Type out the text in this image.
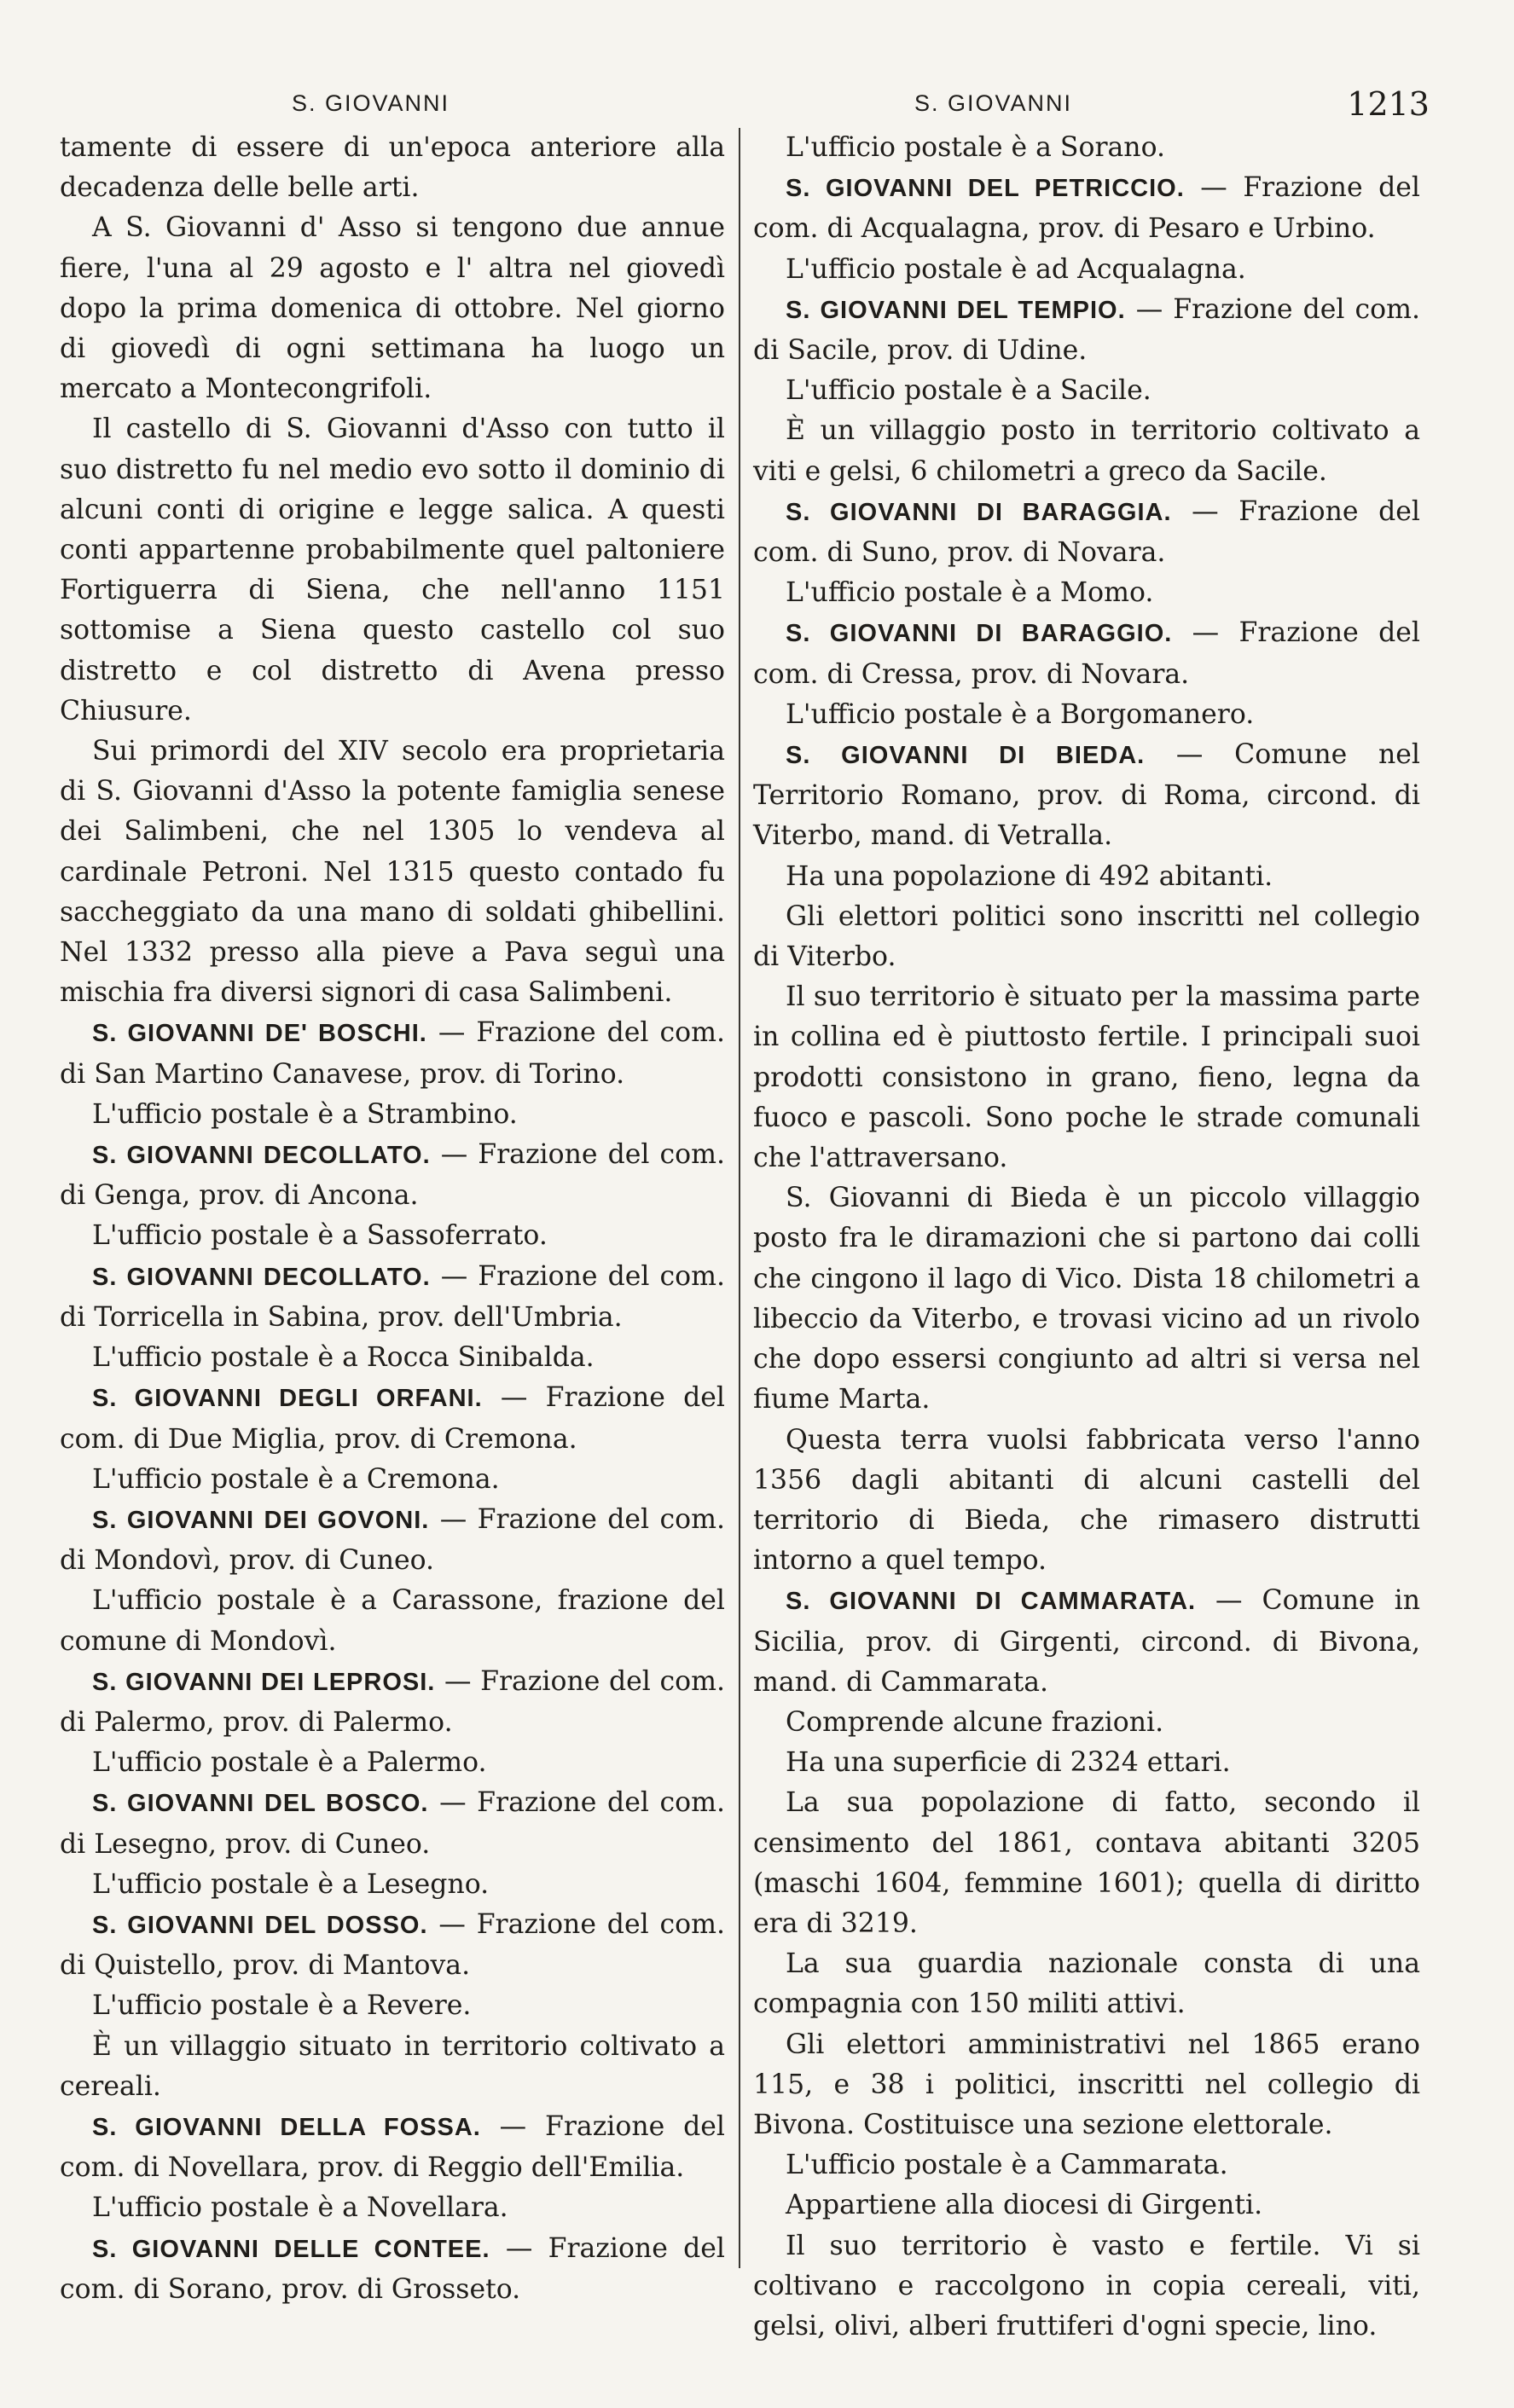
S. GIOVANNI	S. GIOVANNI	1213

tamente di essere di un'epoca anteriore alla decadenza delle belle arti.

A S. Giovanni d' Asso si tengono due annue fiere, l'una al 29 agosto e l' altra nel giovedì dopo la prima domenica di ottobre. Nel giorno di giovedì di ogni settimana ha luogo un mercato a Montecongrifoli.

Il castello di S. Giovanni d'Asso con tutto il suo distretto fu nel medio evo sotto il dominio di alcuni conti di origine e legge salica. A questi conti appartenne probabilmente quel paltoniere Fortiguerra di Siena, che nell'anno 1151 sottomise a Siena questo castello col suo distretto e col distretto di Avena presso Chiusure.

Sui primordi del XIV secolo era proprietaria di S. Giovanni d'Asso la potente famiglia senese dei Salimbeni, che nel 1305 lo vendeva al cardinale Petroni. Nel 1315 questo contado fu saccheggiato da una mano di soldati ghibellini. Nel 1332 presso alla pieve a Pava seguì una mischia fra diversi signori di casa Salimbeni.

S. GIOVANNI DE' BOSCHI. — Frazione del com. di San Martino Canavese, prov. di Torino.

L'ufficio postale è a Strambino.

S. GIOVANNI DECOLLATO. — Frazione del com. di Genga, prov. di Ancona.

L'ufficio postale è a Sassoferrato.

S. GIOVANNI DECOLLATO. — Frazione del com. di Torricella in Sabina, prov. dell'Umbria.

L'ufficio postale è a Rocca Sinibalda.

S. GIOVANNI DEGLI ORFANI. — Frazione del com. di Due Miglia, prov. di Cremona.

L'ufficio postale è a Cremona.

S. GIOVANNI DEI GOVONI. — Frazione del com. di Mondovì, prov. di Cuneo.

L'ufficio postale è a Carassone, frazione del comune di Mondovì.

S. GIOVANNI DEI LEPROSI. — Frazione del com. di Palermo, prov. di Palermo.

L'ufficio postale è a Palermo.

S. GIOVANNI DEL BOSCO. — Frazione del com. di Lesegno, prov. di Cuneo.

L'ufficio postale è a Lesegno.

S. GIOVANNI DEL DOSSO. — Frazione del com. di Quistello, prov. di Mantova.

L'ufficio postale è a Revere.

È un villaggio situato in territorio coltivato a cereali.

S. GIOVANNI DELLA FOSSA. — Frazione del com. di Novellara, prov. di Reggio dell'Emilia.

L'ufficio postale è a Novellara.

S. GIOVANNI DELLE CONTEE. — Frazione del com. di Sorano, prov. di Grosseto.

L'ufficio postale è a Sorano.

S. GIOVANNI DEL PETRICCIO. — Frazione del com. di Acqualagna, prov. di Pesaro e Urbino.

L'ufficio postale è ad Acqualagna.

S. GIOVANNI DEL TEMPIO. — Frazione del com. di Sacile, prov. di Udine.

L'ufficio postale è a Sacile.

È un villaggio posto in territorio coltivato a viti e gelsi, 6 chilometri a greco da Sacile.

S. GIOVANNI DI BARAGGIA. — Frazione del com. di Suno, prov. di Novara.

L'ufficio postale è a Momo.

S. GIOVANNI DI BARAGGIO. — Frazione del com. di Cressa, prov. di Novara.

L'ufficio postale è a Borgomanero.

S. GIOVANNI DI BIEDA. — Comune nel Territorio Romano, prov. di Roma, circond. di Viterbo, mand. di Vetralla.

Ha una popolazione di 492 abitanti.

Gli elettori politici sono inscritti nel collegio di Viterbo.

Il suo territorio è situato per la massima parte in collina ed è piuttosto fertile. I principali suoi prodotti consistono in grano, fieno, legna da fuoco e pascoli. Sono poche le strade comunali che l'attraversano.

S. Giovanni di Bieda è un piccolo villaggio posto fra le diramazioni che si partono dai colli che cingono il lago di Vico. Dista 18 chilometri a libeccio da Viterbo, e trovasi vicino ad un rivolo che dopo essersi congiunto ad altri si versa nel fiume Marta.

Questa terra vuolsi fabbricata verso l'anno 1356 dagli abitanti di alcuni castelli del territorio di Bieda, che rimasero distrutti intorno a quel tempo.

S. GIOVANNI DI CAMMARATA. — Comune in Sicilia, prov. di Girgenti, circond. di Bivona, mand. di Cammarata.

Comprende alcune frazioni.

Ha una superficie di 2324 ettari.

La sua popolazione di fatto, secondo il censimento del 1861, contava abitanti 3205 (maschi 1604, femmine 1601); quella di diritto era di 3219.

La sua guardia nazionale consta di una compagnia con 150 militi attivi.

Gli elettori amministrativi nel 1865 erano 115, e 38 i politici, inscritti nel collegio di Bivona. Costituisce una sezione elettorale.

L'ufficio postale è a Cammarata.

Appartiene alla diocesi di Girgenti.

Il suo territorio è vasto e fertile. Vi si coltivano e raccolgono in copia cereali, viti, gelsi, olivi, alberi fruttiferi d'ogni specie, lino.
